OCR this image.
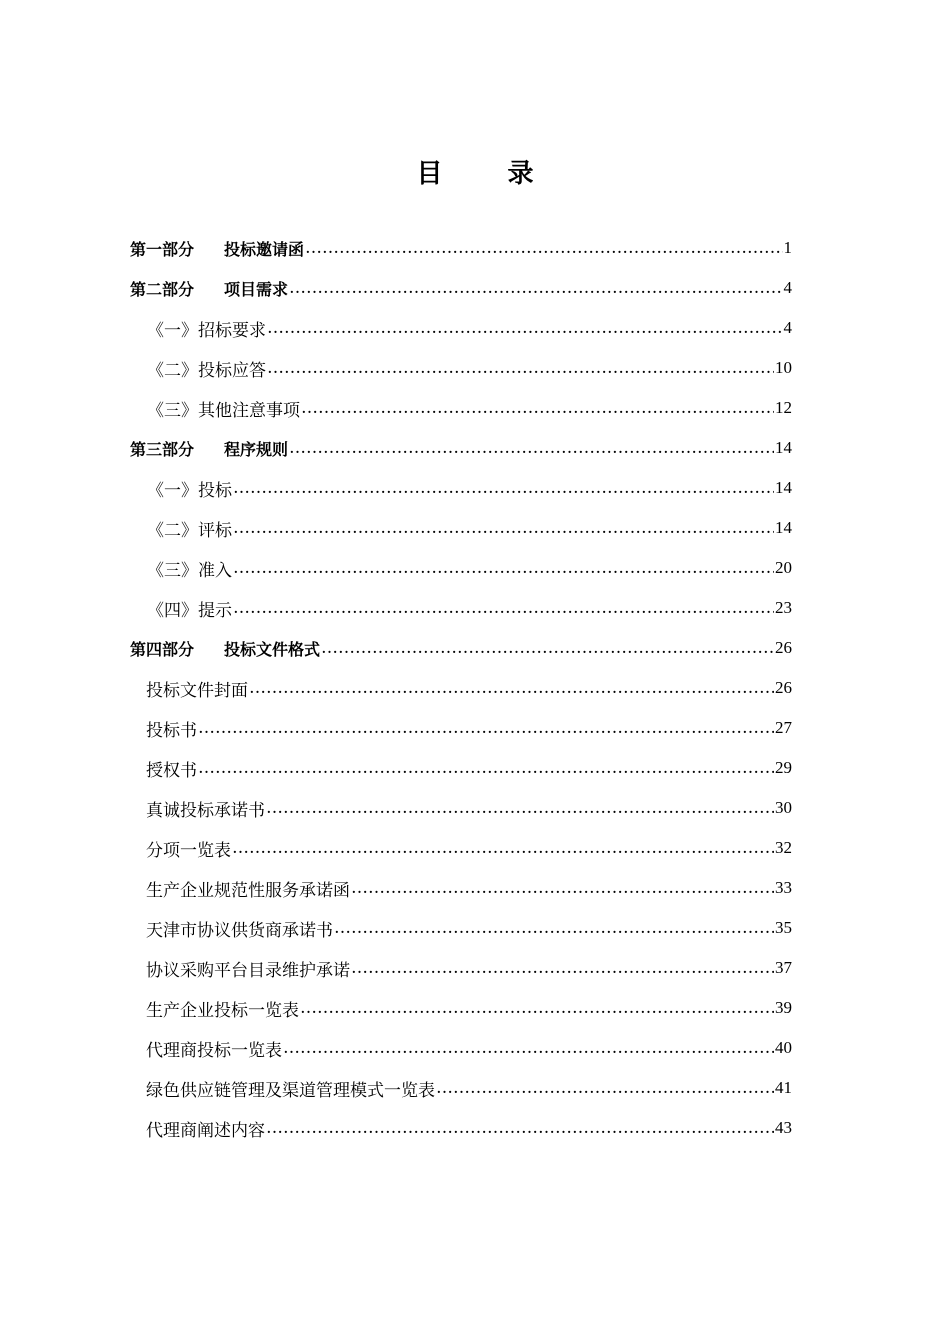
目 录
第一部分 投标邀请函 ……………………………………………………………………………………………………………………………………………………………………………………………	1
第二部分 项目需求 ……………………………………………………………………………………………………………………………………………………………………………………………	4
《一》招标要求 ……………………………………………………………………………………………………………………………………………………………………………………………	4
《二》投标应答 ……………………………………………………………………………………………………………………………………………………………………………………………	10
《三》其他注意事项 ……………………………………………………………………………………………………………………………………………………………………………………………	12
第三部分 程序规则 ……………………………………………………………………………………………………………………………………………………………………………………………	14
《一》投标 ……………………………………………………………………………………………………………………………………………………………………………………………	14
《二》评标 ……………………………………………………………………………………………………………………………………………………………………………………………	14
《三》准入 ……………………………………………………………………………………………………………………………………………………………………………………………	20
《四》提示 ……………………………………………………………………………………………………………………………………………………………………………………………	23
第四部分 投标文件格式 ……………………………………………………………………………………………………………………………………………………………………………………………	26
投标文件封面 ……………………………………………………………………………………………………………………………………………………………………………………………	26
投标书 ……………………………………………………………………………………………………………………………………………………………………………………………	27
授权书 ……………………………………………………………………………………………………………………………………………………………………………………………	29
真诚投标承诺书 ……………………………………………………………………………………………………………………………………………………………………………………………	30
分项一览表 ……………………………………………………………………………………………………………………………………………………………………………………………	32
生产企业规范性服务承诺函 ……………………………………………………………………………………………………………………………………………………………………………………………	33
天津市协议供货商承诺书 ……………………………………………………………………………………………………………………………………………………………………………………………	35
协议采购平台目录维护承诺 ……………………………………………………………………………………………………………………………………………………………………………………………	37
生产企业投标一览表 ……………………………………………………………………………………………………………………………………………………………………………………………	39
代理商投标一览表 ……………………………………………………………………………………………………………………………………………………………………………………………	40
绿色供应链管理及渠道管理模式一览表 ……………………………………………………………………………………………………………………………………………………………………………………………	41
代理商阐述内容 ……………………………………………………………………………………………………………………………………………………………………………………………	43
